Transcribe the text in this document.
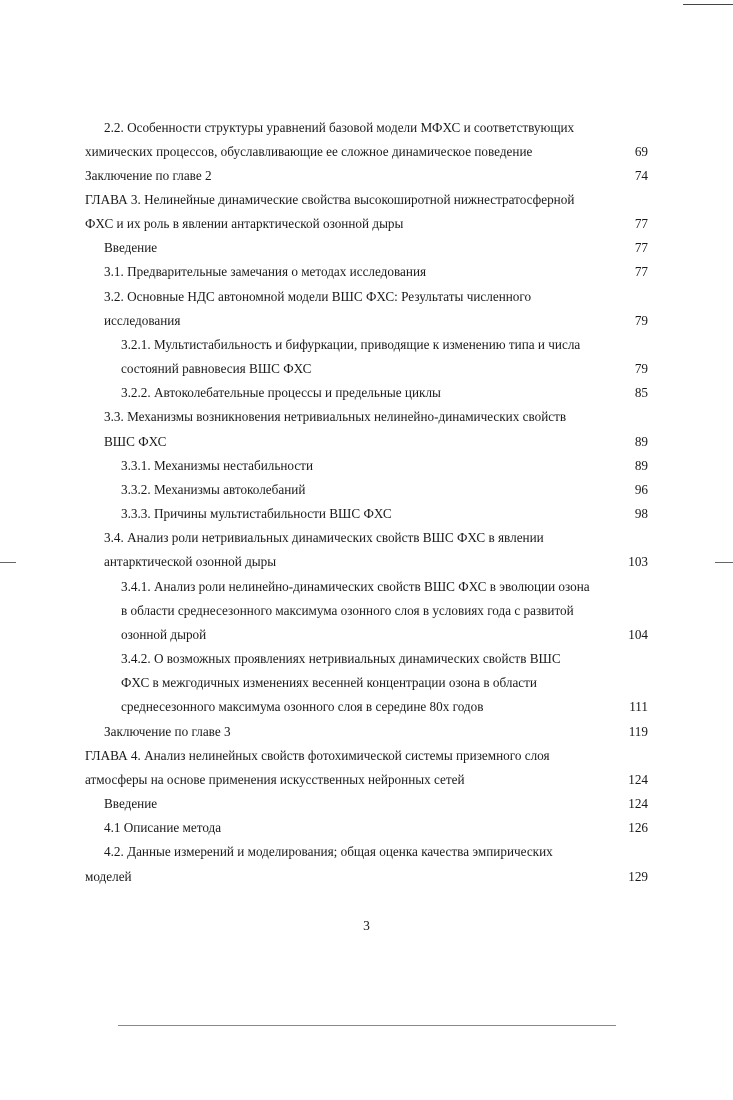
2.2. Особенности структуры уравнений базовой модели МФХС и соответствующих
химических процессов, обуславливающие ее сложное динамическое поведение	69
Заключение по главе 2	74
ГЛАВА 3. Нелинейные динамические свойства высокоширотной нижнестратосферной
ФХС и их роль в явлении антарктической озонной дыры	77
Введение	77
3.1. Предварительные замечания о методах исследования	77
3.2. Основные НДС автономной модели ВШС ФХС: Результаты численного
исследования	79
3.2.1. Мультистабильность и бифуркации, приводящие к изменению типа и числа
состояний равновесия ВШС ФХС	79
3.2.2. Автоколебательные процессы и предельные циклы	85
3.3. Механизмы возникновения нетривиальных нелинейно-динамических свойств
ВШС ФХС	89
3.3.1. Механизмы нестабильности	89
3.3.2. Механизмы автоколебаний	96
3.3.3. Причины мультистабильности ВШС ФХС	98
3.4. Анализ роли нетривиальных динамических свойств ВШС ФХС в явлении
антарктической озонной дыры	103
3.4.1. Анализ роли нелинейно-динамических свойств ВШС ФХС в эволюции озона
в области среднесезонного максимума озонного слоя в условиях года с развитой
озонной дырой	104
3.4.2. О возможных проявлениях нетривиальных динамических свойств ВШС
ФХС в межгодичных изменениях весенней концентрации озона в области
среднесезонного максимума озонного слоя в середине 80х годов	111
Заключение по главе 3	119
ГЛАВА 4. Анализ нелинейных свойств фотохимической системы приземного слоя
атмосферы на основе применения искусственных нейронных сетей	124
Введение	124
4.1 Описание метода	126
4.2. Данные измерений и моделирования; общая оценка качества эмпирических
моделей	129
3
